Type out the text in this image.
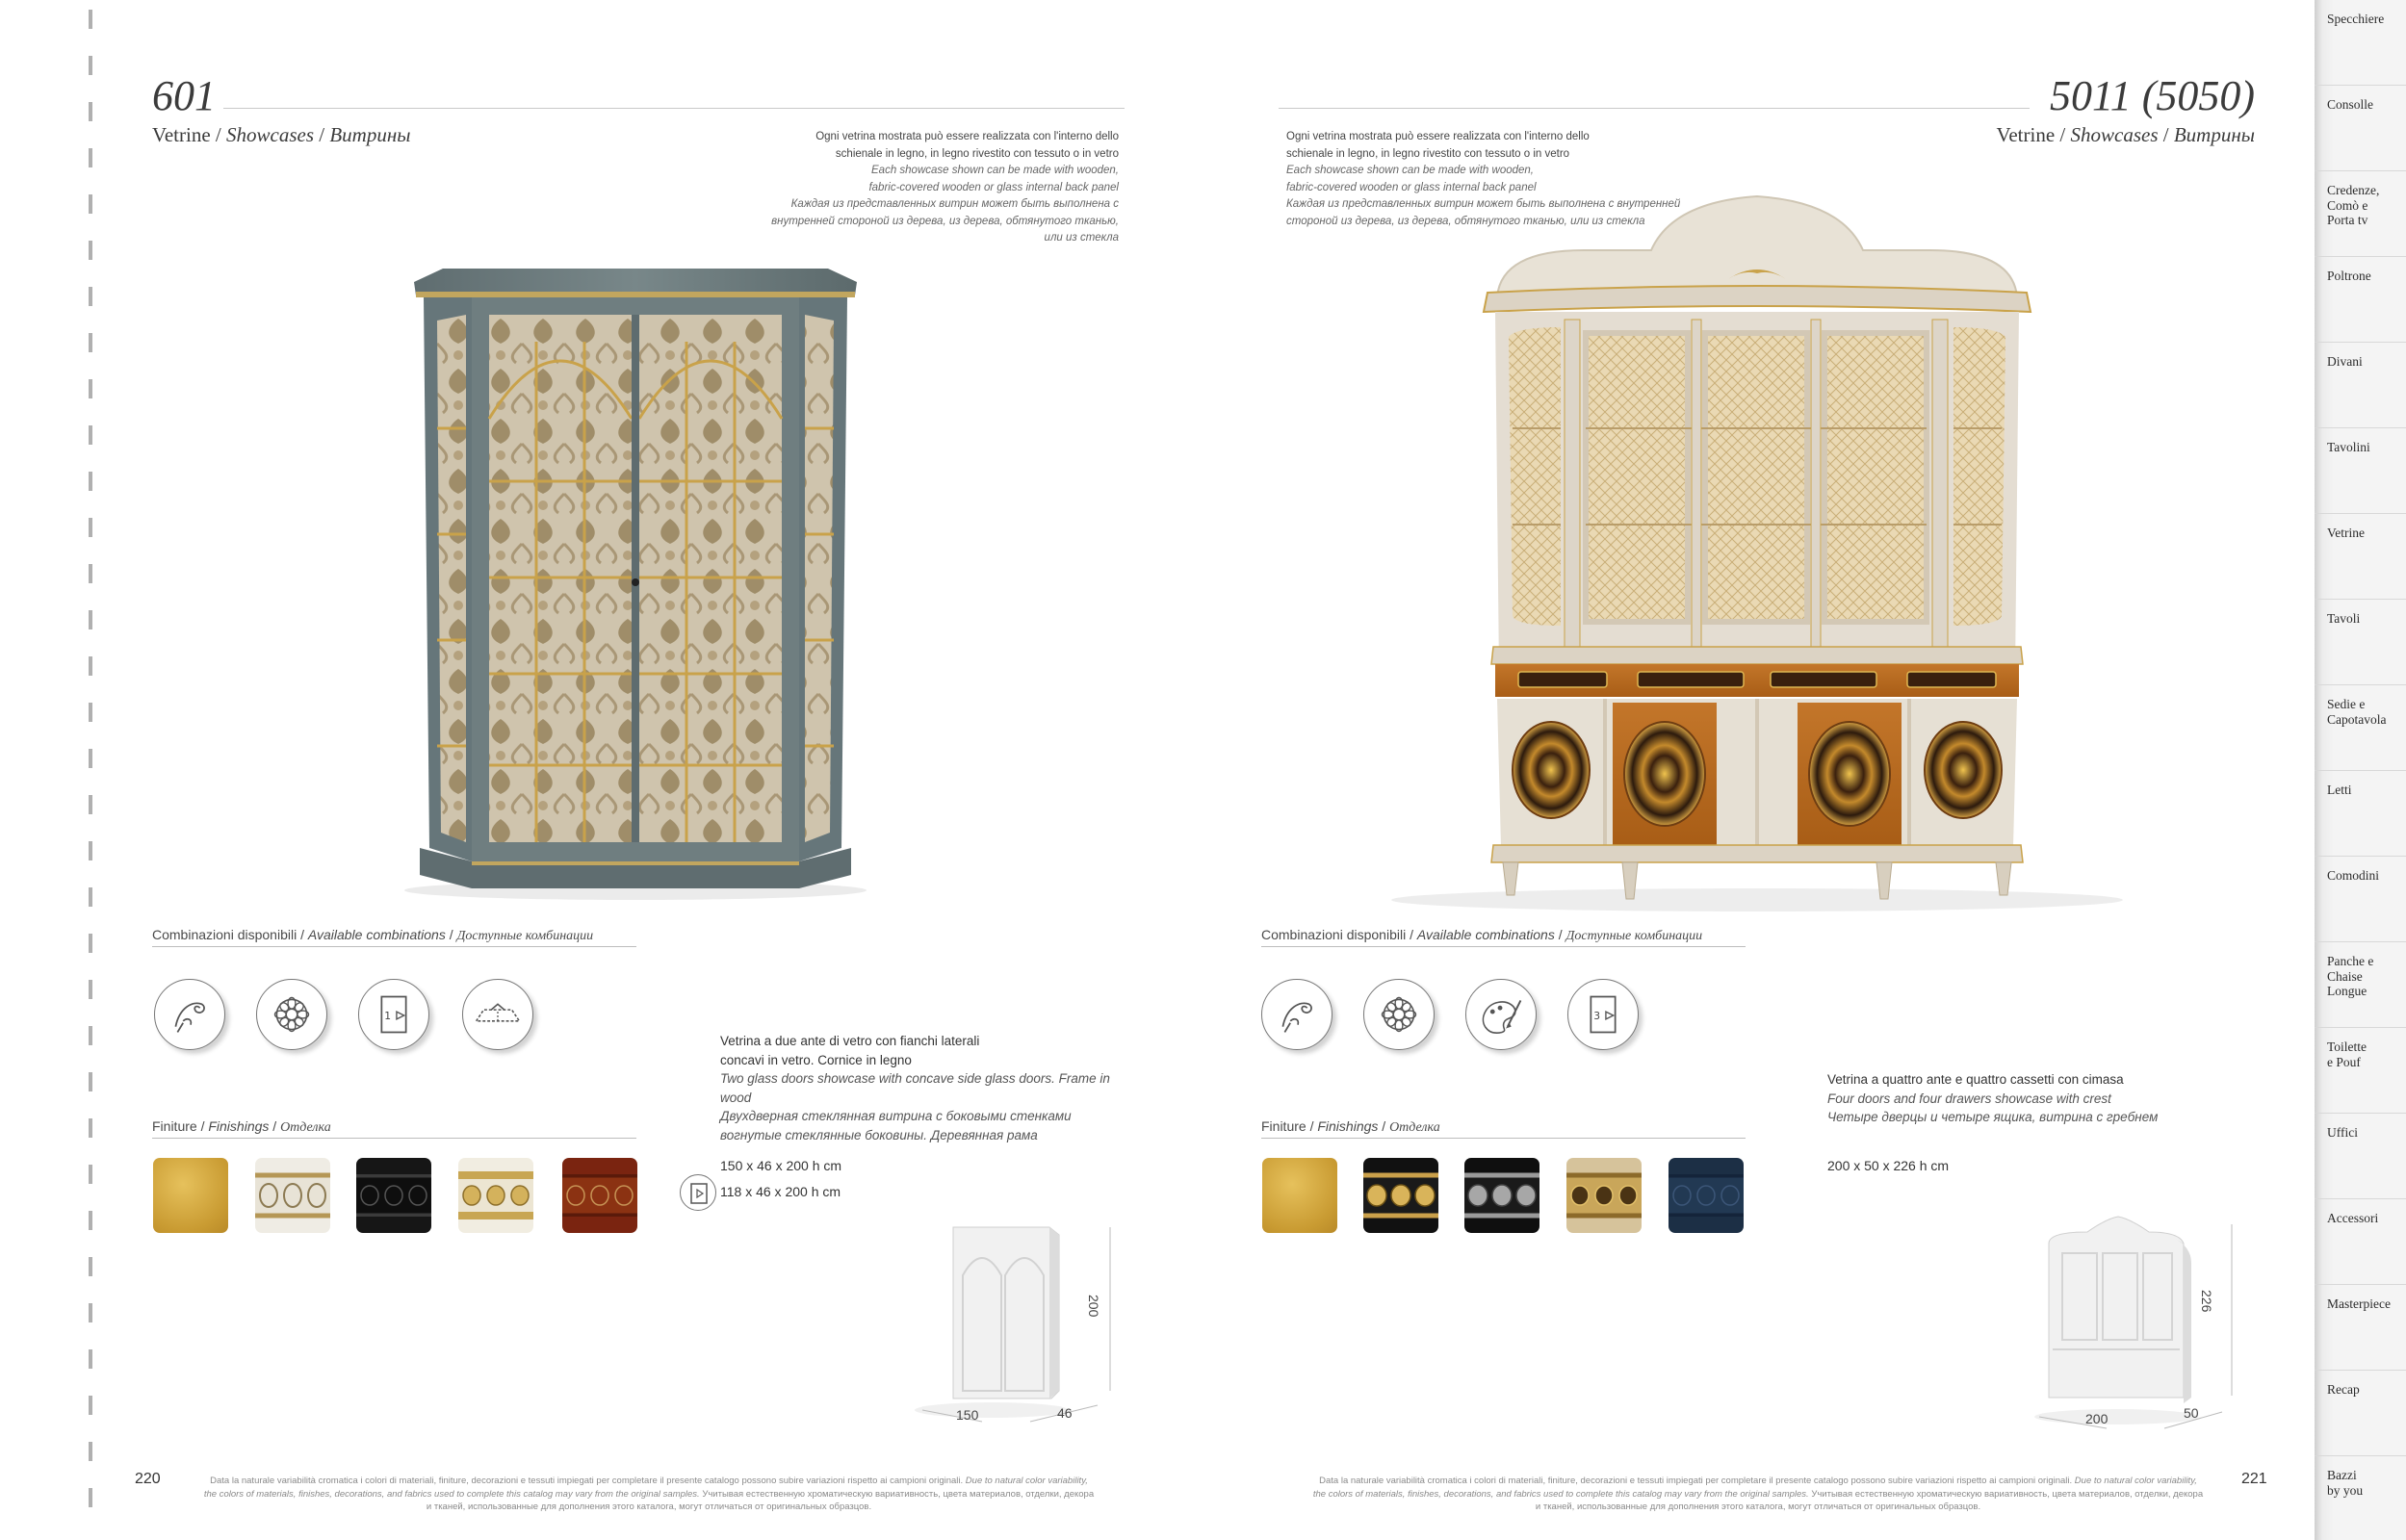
601
Vetrine / Showcases / Витрины	Ogni vetrina mostrata può essere realizzata con l'interno dello
schienale in legno, in legno rivestito con tessuto o in vetro
Each showcase shown can be made with wooden,
fabric-covered wooden or glass internal back panel
Каждая из представленных витрин может быть выполнена с
внутренней стороной из дерева, из дерева, обтянутого тканью,
или из стекла
Combinazioni disponibili / Available combinations / Доступные комбинации
1
Vetrina a due ante di vetro con fianchi laterali
concavi in vetro. Cornice in legno
Two glass doors showcase with concave side glass doors. Frame in wood
Двухдверная стеклянная витрина с боковыми стенками
вогнутые стеклянные боковины. Деревянная рама
Finiture / Finishings / Отделка
150 x 46 x 200 h cm
118 x 46 x 200 h cm
200
150	46
220	Data la naturale variabilità cromatica i colori di materiali, finiture, decorazioni e tessuti impiegati per completare il presente catalogo possono subire variazioni rispetto ai campioni originali. Due to natural color variability,
the colors of materials, finishes, decorations, and fabrics used to complete this catalog may vary from the original samples. Учитывая естественную хроматическую вариативность, цвета материалов, отделки, декора
и тканей, использованные для дополнения этого каталога, могут отличаться от оригинальных образцов.
5011 (5050)
Vetrine / Showcases / Витрины
Ogni vetrina mostrata può essere realizzata con l'interno dello
schienale in legno, in legno rivestito con tessuto o in vetro
Each showcase shown can be made with wooden,
fabric-covered wooden or glass internal back panel
Каждая из представленных витрин может быть выполнена с внутренней
стороной из дерева, из дерева, обтянутого тканью, или из стекла
Combinazioni disponibili / Available combinations / Доступные комбинации
3
Finiture / Finishings / Отделка
Vetrina a quattro ante e quattro cassetti con cimasa
Four doors and four drawers showcase with crest
Четыре дверцы и четыре ящика, витрина с гребнем
200 x 50 x 226 h cm
226
200	50
Data la naturale variabilità cromatica i colori di materiali, finiture, decorazioni e tessuti impiegati per completare il presente catalogo possono subire variazioni rispetto ai campioni originali. Due to natural color variability,
the colors of materials, finishes, decorations, and fabrics used to complete this catalog may vary from the original samples. Учитывая естественную хроматическую вариативность, цвета материалов, отделки, декора
и тканей, использованные для дополнения этого каталога, могут отличаться от оригинальных образцов.
221
Specchiere
Consolle
Credenze,
Comò e
Porta tv
Poltrone
Divani
Tavolini
Vetrine
Tavoli
Sedie e
Capotavola
Letti
Comodini
Panche e
Chaise
Longue
Toilette
e Pouf
Uffici
Accessori
Masterpiece
Recap
Bazzi
by you
